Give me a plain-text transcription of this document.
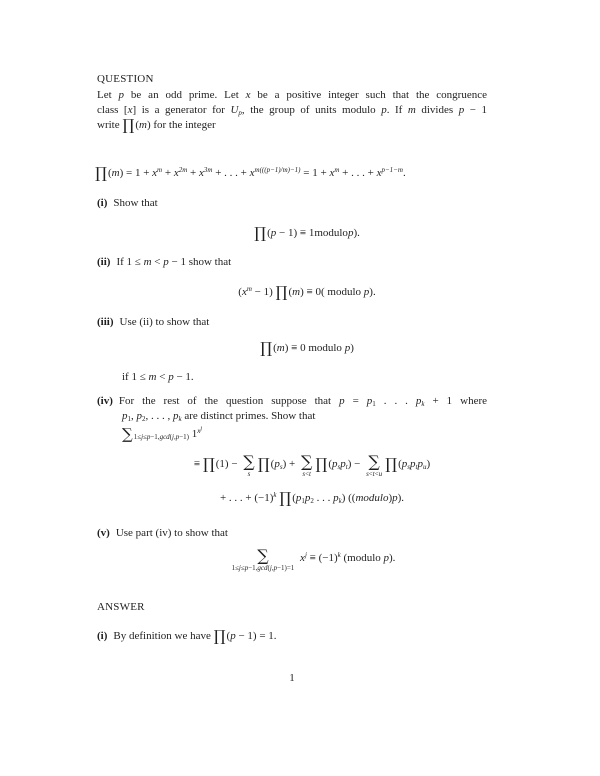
QUESTION
Let p be an odd prime. Let x be a positive integer such that the congruence
class [x] is a generator for $U_p$, the group of units modulo p. If m divides p − 1
write ∏(m) for the integer
∏(m) = $1 + x^m + x^{2m} + x^{3m}$ + . . . + $x^{m(((p-1)/m)-1)} = 1 + x^m$ + . . . + $x^{p-1-m}$.
(i) Show that
∏(p − 1) ≡ 1modulop).
(ii) If 1 ≤ m < p − 1 show that
$(x^m - 1)$ ∏(m) ≡ 0( modulo p).
(iii) Use (ii) to show that
∏(m) ≡ 0 modulo p)
if 1 ≤ m < p − 1.
(iv) For the rest of the question suppose that $p = p_1$ . . . $p_k + 1$ where
$p_1$, $p_2$, . . . , $p_k$ are distinct primes. Show that
$\sum_{1\le j\le p-1,gcd(j,p-1)}$ $1^{x^j}$
≡ ∏(1) − ∑
s
$\prod(p_s)$ + ∑
s<t
$\prod(p_sp_t)$ − ∑
s<t<u
$\prod(p_sp_tp_u)$
+ . . . + $(-1)^k$ $\prod(p_1p_2$ . . . $p_k$) ((modulo)p).
(v) Use part (iv) to show that
∑
1≤j≤p−1,gcd(j,p−1)=1
$x^j \equiv (-1)^k$ (modulo p).
ANSWER
(i) By definition we have ∏(p − 1) = 1.
1
